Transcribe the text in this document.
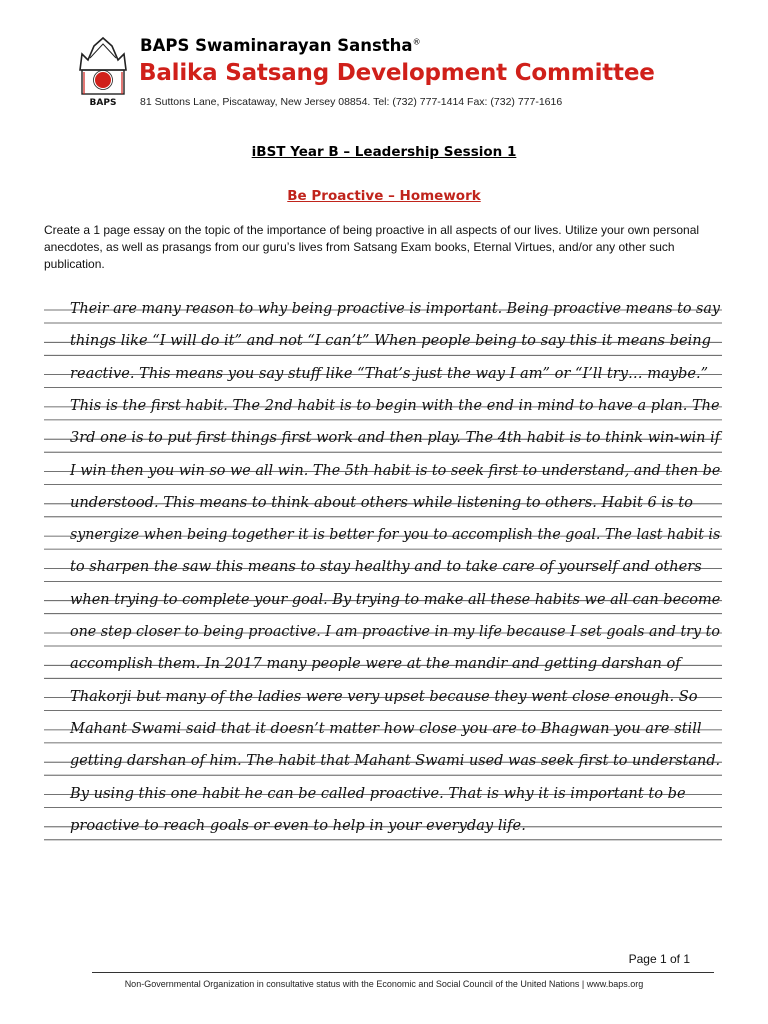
BAPS
BAPS Swaminarayan Sanstha®
Balika Satsang Development Committee
81 Suttons Lane, Piscataway, New Jersey 08854. Tel: (732) 777-1414 Fax: (732) 777-1616
iBST Year B – Leadership Session 1
Be Proactive – Homework
Create a 1 page essay on the topic of the importance of being proactive in all aspects of our lives. Utilize your own personal anecdotes, as well as prasangs from our guru’s lives from Satsang Exam books, Eternal Virtues, and/or any other such publication.
Their are many reason to why being proactive is important. Being proactive means to say
things like “I will do it” and not “I can’t” When people being to say this it means being
reactive. This means you say stuff like “That’s just the way I am” or “I’ll try… maybe.”
This is the first habit. The 2nd habit is to begin with the end in mind to have a plan. The
3rd one is to put first things first work and then play. The 4th habit is to think win-win if
I win then you win so we all win. The 5th habit is to seek first to understand, and then be
understood. This means to think about others while listening to others. Habit 6 is to
synergize when being together it is better for you to accomplish the goal. The last habit is
to sharpen the saw this means to stay healthy and to take care of yourself and others
when trying to complete your goal. By trying to make all these habits we all can become
one step closer to being proactive. I am proactive in my life because I set goals and try to
accomplish them. In 2017 many people were at the mandir and getting darshan of
Thakorji but many of the ladies were very upset because they went close enough. So
Mahant Swami said that it doesn’t matter how close you are to Bhagwan you are still
getting darshan of him. The habit that Mahant Swami used was seek first to understand.
By using this one habit he can be called proactive. That is why it is important to be
proactive to reach goals or even to help in your everyday life.
Page 1 of 1
Non-Governmental Organization in consultative status with the Economic and Social Council of the United Nations | www.baps.org
